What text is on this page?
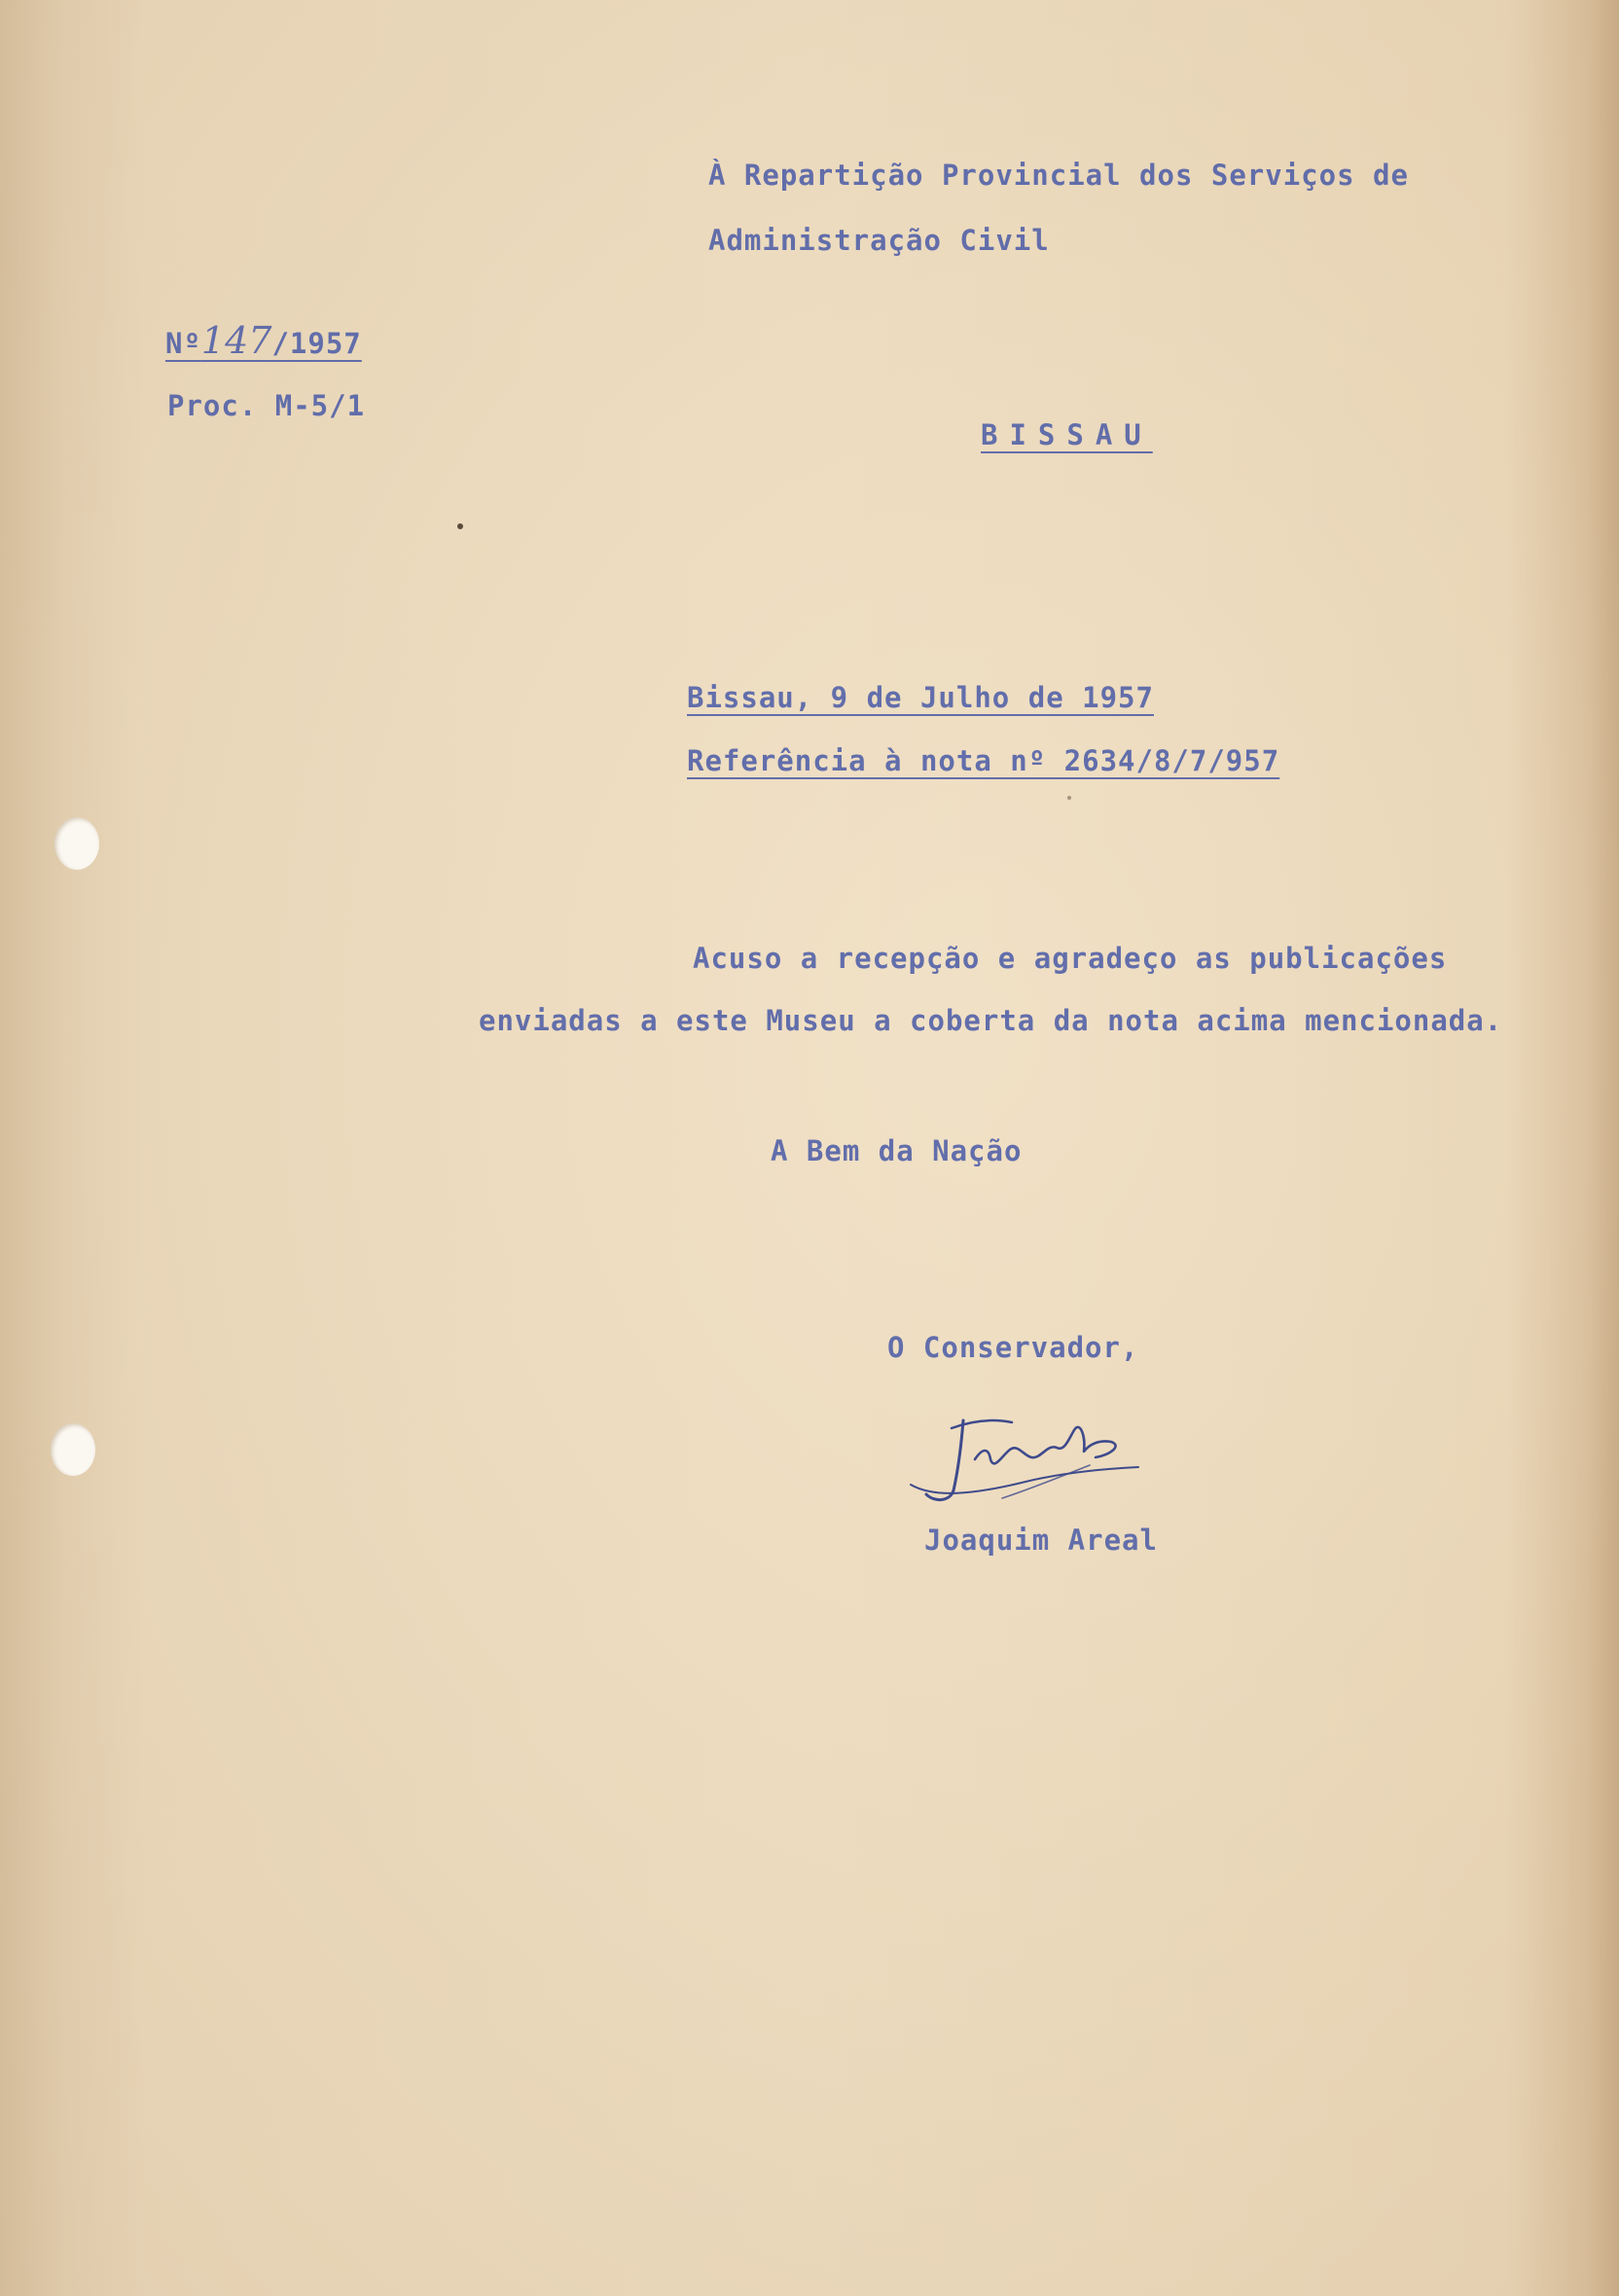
À Repartição Provincial dos Serviços de
Administração Civil
Nº147/1957
Proc. M-5/1
BISSAU
Bissau, 9 de Julho de 1957
Referência à nota nº 2634/8/7/957
Acuso a recepção e agradeço as publicações
enviadas a este Museu a coberta da nota acima mencionada.
A Bem da Nação
O Conservador,
Joaquim Areal
